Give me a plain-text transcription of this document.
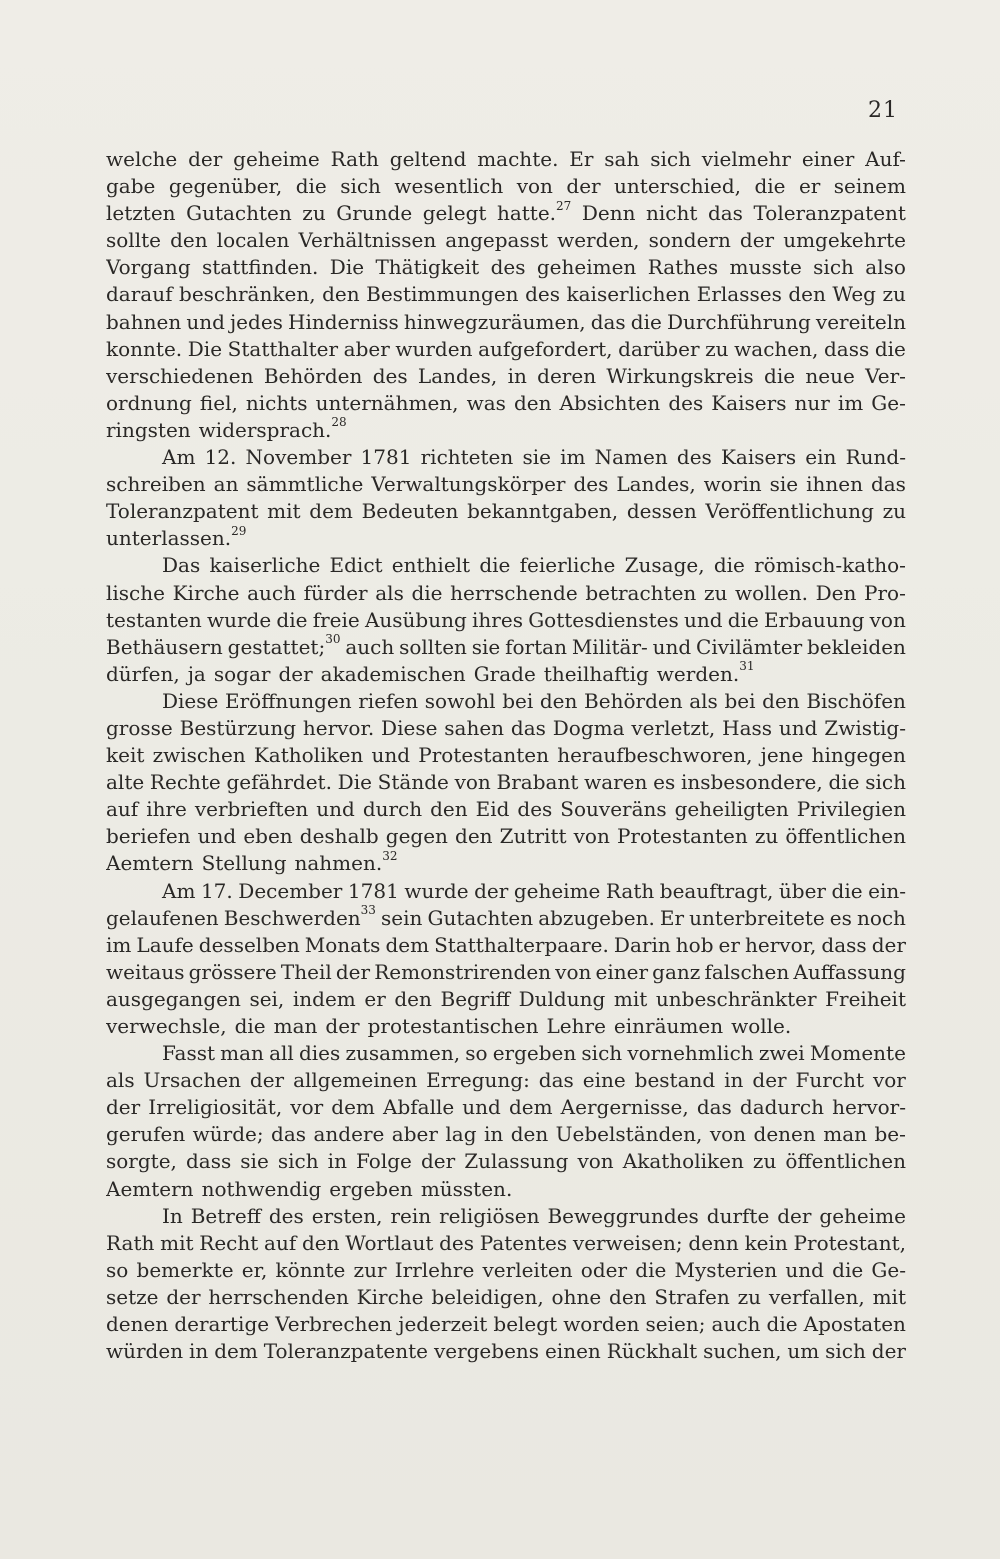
21
welche der geheime Rath geltend machte. Er sah sich vielmehr einer Auf-
gabe gegenüber, die sich wesentlich von der unterschied, die er seinem
letzten Gutachten zu Grunde gelegt hatte.$^{27}$ Denn nicht das Toleranzpatent
sollte den localen Verhältnissen angepasst werden, sondern der umgekehrte
Vorgang stattfinden. Die Thätigkeit des geheimen Rathes musste sich also
darauf beschränken, den Bestimmungen des kaiserlichen Erlasses den Weg zu
bahnen und jedes Hinderniss hinwegzuräumen, das die Durchführung vereiteln
konnte. Die Statthalter aber wurden aufgefordert, darüber zu wachen, dass die
verschiedenen Behörden des Landes, in deren Wirkungskreis die neue Ver-
ordnung fiel, nichts unternähmen, was den Absichten des Kaisers nur im Ge-
ringsten widersprach.$^{28}$
Am 12. November 1781 richteten sie im Namen des Kaisers ein Rund-
schreiben an sämmtliche Verwaltungskörper des Landes, worin sie ihnen das
Toleranzpatent mit dem Bedeuten bekanntgaben, dessen Veröffentlichung zu
unterlassen.$^{29}$
Das kaiserliche Edict enthielt die feierliche Zusage, die römisch-katho-
lische Kirche auch fürder als die herrschende betrachten zu wollen. Den Pro-
testanten wurde die freie Ausübung ihres Gottesdienstes und die Erbauung von
Bethäusern gestattet;$^{30}$ auch sollten sie fortan Militär- und Civilämter bekleiden
dürfen, ja sogar der akademischen Grade theilhaftig werden.$^{31}$
Diese Eröffnungen riefen sowohl bei den Behörden als bei den Bischöfen
grosse Bestürzung hervor. Diese sahen das Dogma verletzt, Hass und Zwistig-
keit zwischen Katholiken und Protestanten heraufbeschworen, jene hingegen
alte Rechte gefährdet. Die Stände von Brabant waren es insbesondere, die sich
auf ihre verbrieften und durch den Eid des Souveräns geheiligten Privilegien
beriefen und eben deshalb gegen den Zutritt von Protestanten zu öffentlichen
Aemtern Stellung nahmen.$^{32}$
Am 17. December 1781 wurde der geheime Rath beauftragt, über die ein-
gelaufenen Beschwerden$^{33}$ sein Gutachten abzugeben. Er unterbreitete es noch
im Laufe desselben Monats dem Statthalterpaare. Darin hob er hervor, dass der
weitaus grössere Theil der Remonstrirenden von einer ganz falschen Auffassung
ausgegangen sei, indem er den Begriff Duldung mit unbeschränkter Freiheit
verwechsle, die man der protestantischen Lehre einräumen wolle.
Fasst man all dies zusammen, so ergeben sich vornehmlich zwei Momente
als Ursachen der allgemeinen Erregung: das eine bestand in der Furcht vor
der Irreligiosität, vor dem Abfalle und dem Aergernisse, das dadurch hervor-
gerufen würde; das andere aber lag in den Uebelständen, von denen man be-
sorgte, dass sie sich in Folge der Zulassung von Akatholiken zu öffentlichen
Aemtern nothwendig ergeben müssten.
In Betreff des ersten, rein religiösen Beweggrundes durfte der geheime
Rath mit Recht auf den Wortlaut des Patentes verweisen; denn kein Protestant,
so bemerkte er, könnte zur Irrlehre verleiten oder die Mysterien und die Ge-
setze der herrschenden Kirche beleidigen, ohne den Strafen zu verfallen, mit
denen derartige Verbrechen jederzeit belegt worden seien; auch die Apostaten
würden in dem Toleranzpatente vergebens einen Rückhalt suchen, um sich der
